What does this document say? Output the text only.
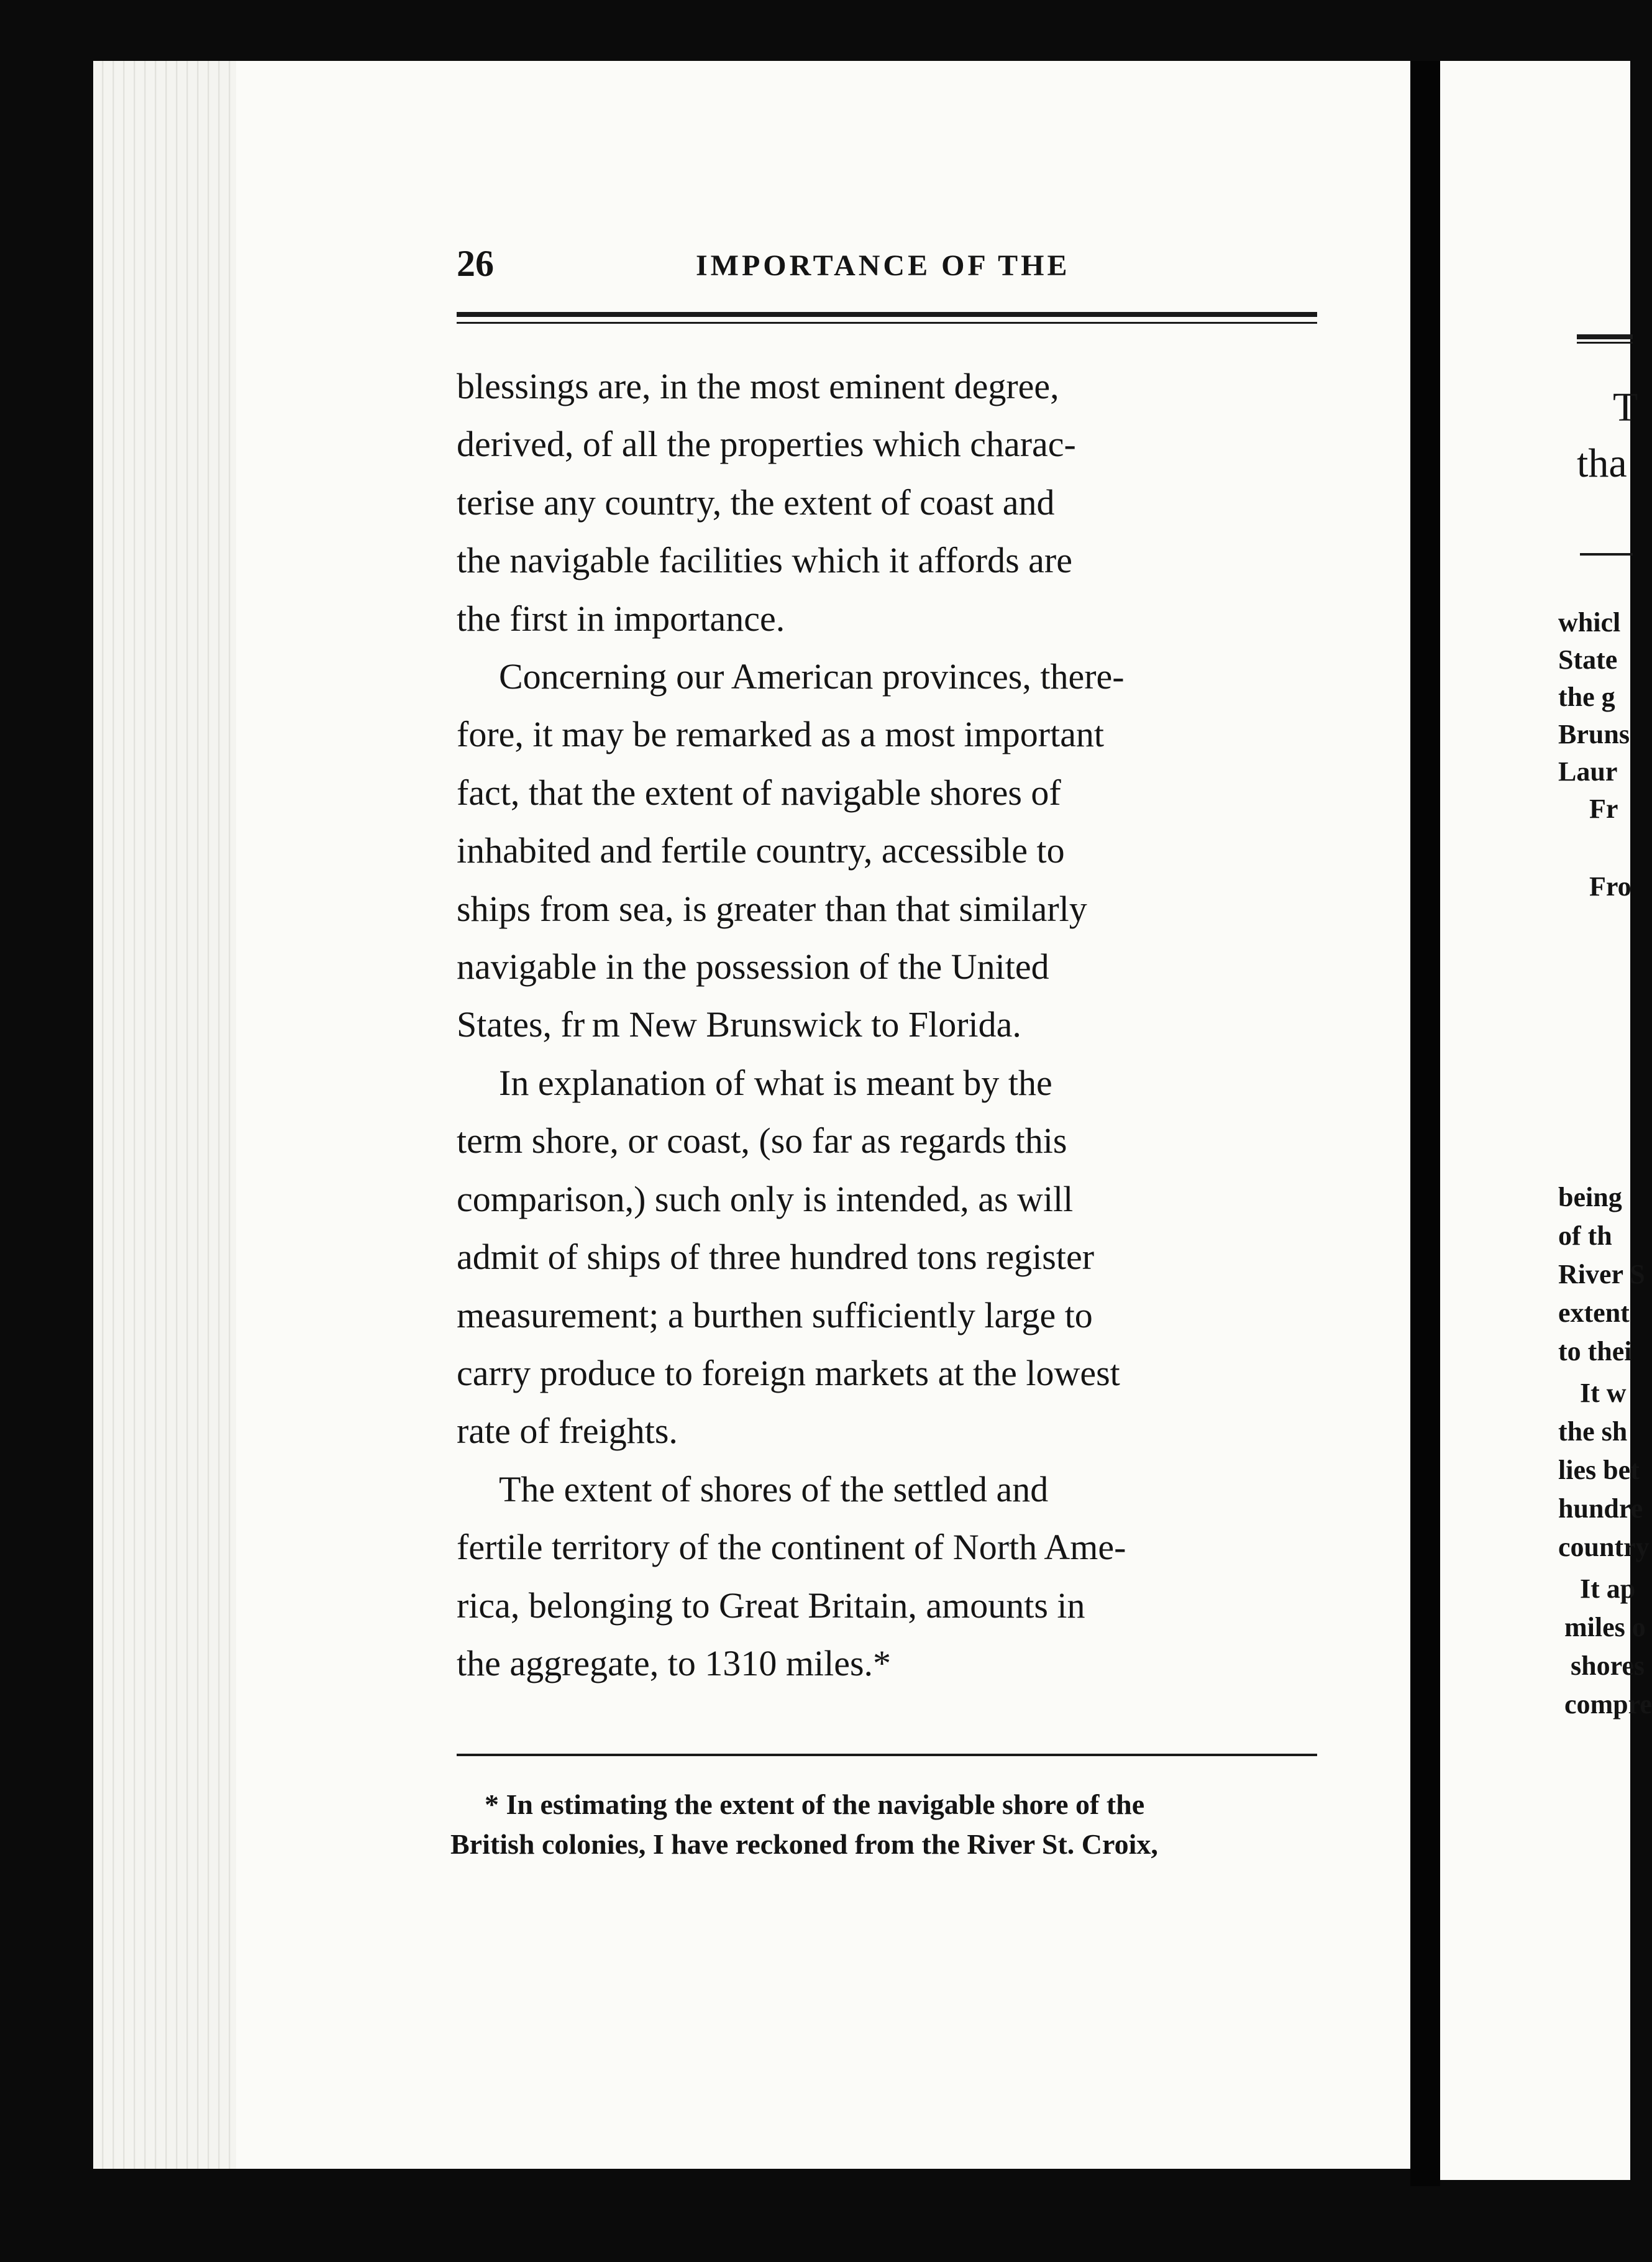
26	IMPORTANCE OF THE

blessings are, in the most eminent degree,

derived, of all the properties which charac-

terise any country, the extent of coast and

the navigable facilities which it affords are

the first in importance.

Concerning our American provinces, there-

fore, it may be remarked as a most important

fact, that the extent of navigable shores of

inhabited and fertile country, accessible to

ships from sea, is greater than that similarly

navigable in the possession of the United

States, fr m New Brunswick to Florida.

In explanation of what is meant by the

term shore, or coast, (so far as regards this

comparison,) such only is intended, as will

admit of ships of three hundred tons register

measurement; a burthen sufficiently large to

carry produce to foreign markets at the lowest

rate of freights.

The extent of shores of the settled and

fertile territory of the continent of North Ame-

rica, belonging to Great Britain, amounts in

the aggregate, to 1310 miles.*

* In estimating the extent of the navigable shore of the

British colonies, I have reckoned from the River St. Croix,

T
tha
whicl
State
the g
Bruns
Laur
Fr
Fro
being
of th
River S
extent
to thei
It w
the sh
lies bet
hundre
country
It ap
miles o
shores
compre
